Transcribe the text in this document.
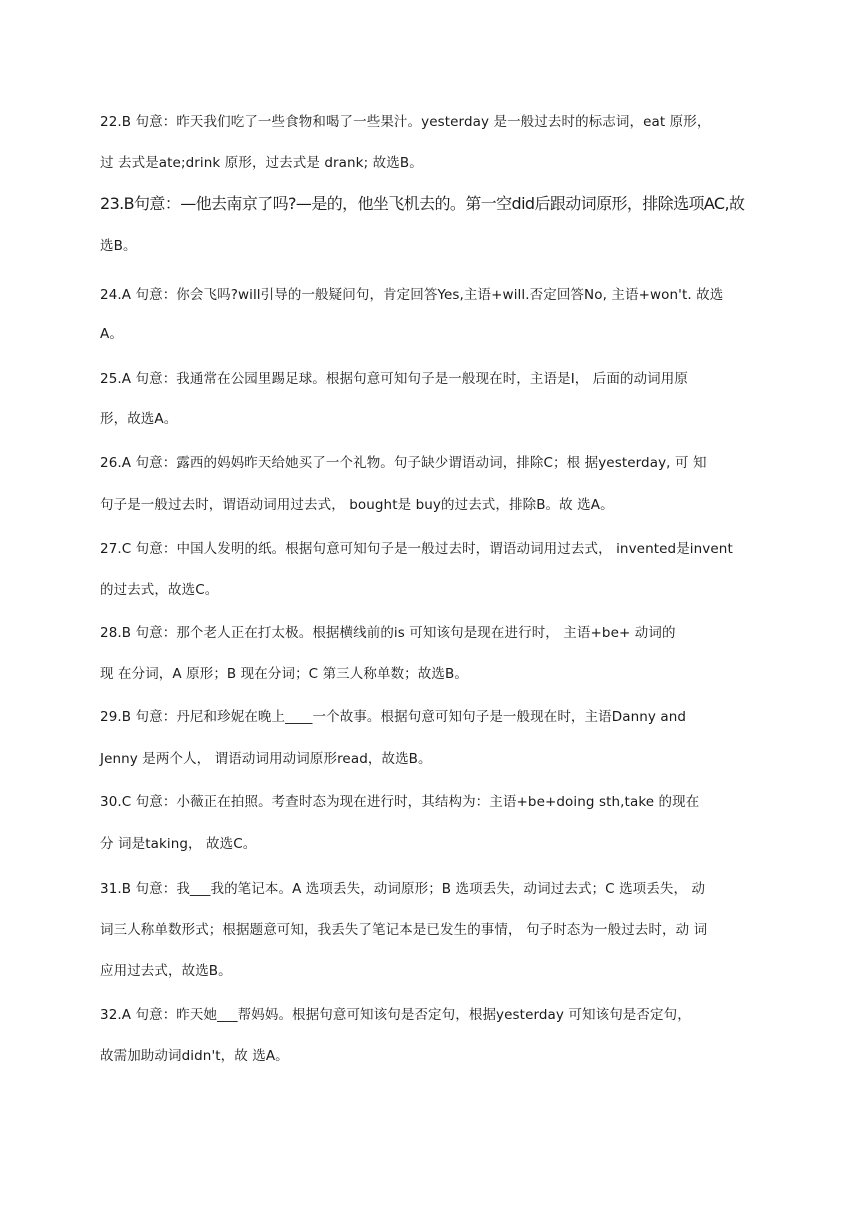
22.B 句意：昨天我们吃了一些食物和喝了一些果汁。yesterday 是一般过去时的标志词，eat 原形，
过 去式是ate;drink 原形，过去式是 drank; 故选B。
23.B句意：—他去南京了吗?—是的，他坐飞机去的。第一空did后跟动词原形，排除选项AC,故
选B。
24.A 句意：你会飞吗?will引导的一般疑问句，肯定回答Yes,主语+will.否定回答No, 主语+won't. 故选
A。
25.A 句意：我通常在公园里踢足球。根据句意可知句子是一般现在时，主语是I， 后面的动词用原
形，故选A。
26.A 句意：露西的妈妈昨天给她买了一个礼物。句子缺少谓语动词，排除C；根 据yesterday, 可 知
句子是一般过去时，谓语动词用过去式， bought是 buy的过去式，排除B。故 选A。
27.C 句意：中国人发明的纸。根据句意可知句子是一般过去时，谓语动词用过去式， invented是invent
的过去式，故选C。
28.B 句意：那个老人正在打太极。根据横线前的is 可知该句是现在进行时， 主语+be+ 动词的
现 在分词，A 原形；B 现在分词；C 第三人称单数；故选B。
29.B 句意：丹尼和珍妮在晚上____一个故事。根据句意可知句子是一般现在时，主语Danny and
Jenny 是两个人， 谓语动词用动词原形read，故选B。
30.C 句意：小薇正在拍照。考查时态为现在进行时，其结构为：主语+be+doing sth,take 的现在
分 词是taking， 故选C。
31.B 句意：我___我的笔记本。A 选项丢失，动词原形；B 选项丢失，动词过去式；C 选项丢失， 动
词三人称单数形式；根据题意可知，我丢失了笔记本是已发生的事情， 句子时态为一般过去时，动 词
应用过去式，故选B。
32.A 句意：昨天她___帮妈妈。根据句意可知该句是否定句，根据yesterday 可知该句是否定句，
故需加助动词didn't，故 选A。
